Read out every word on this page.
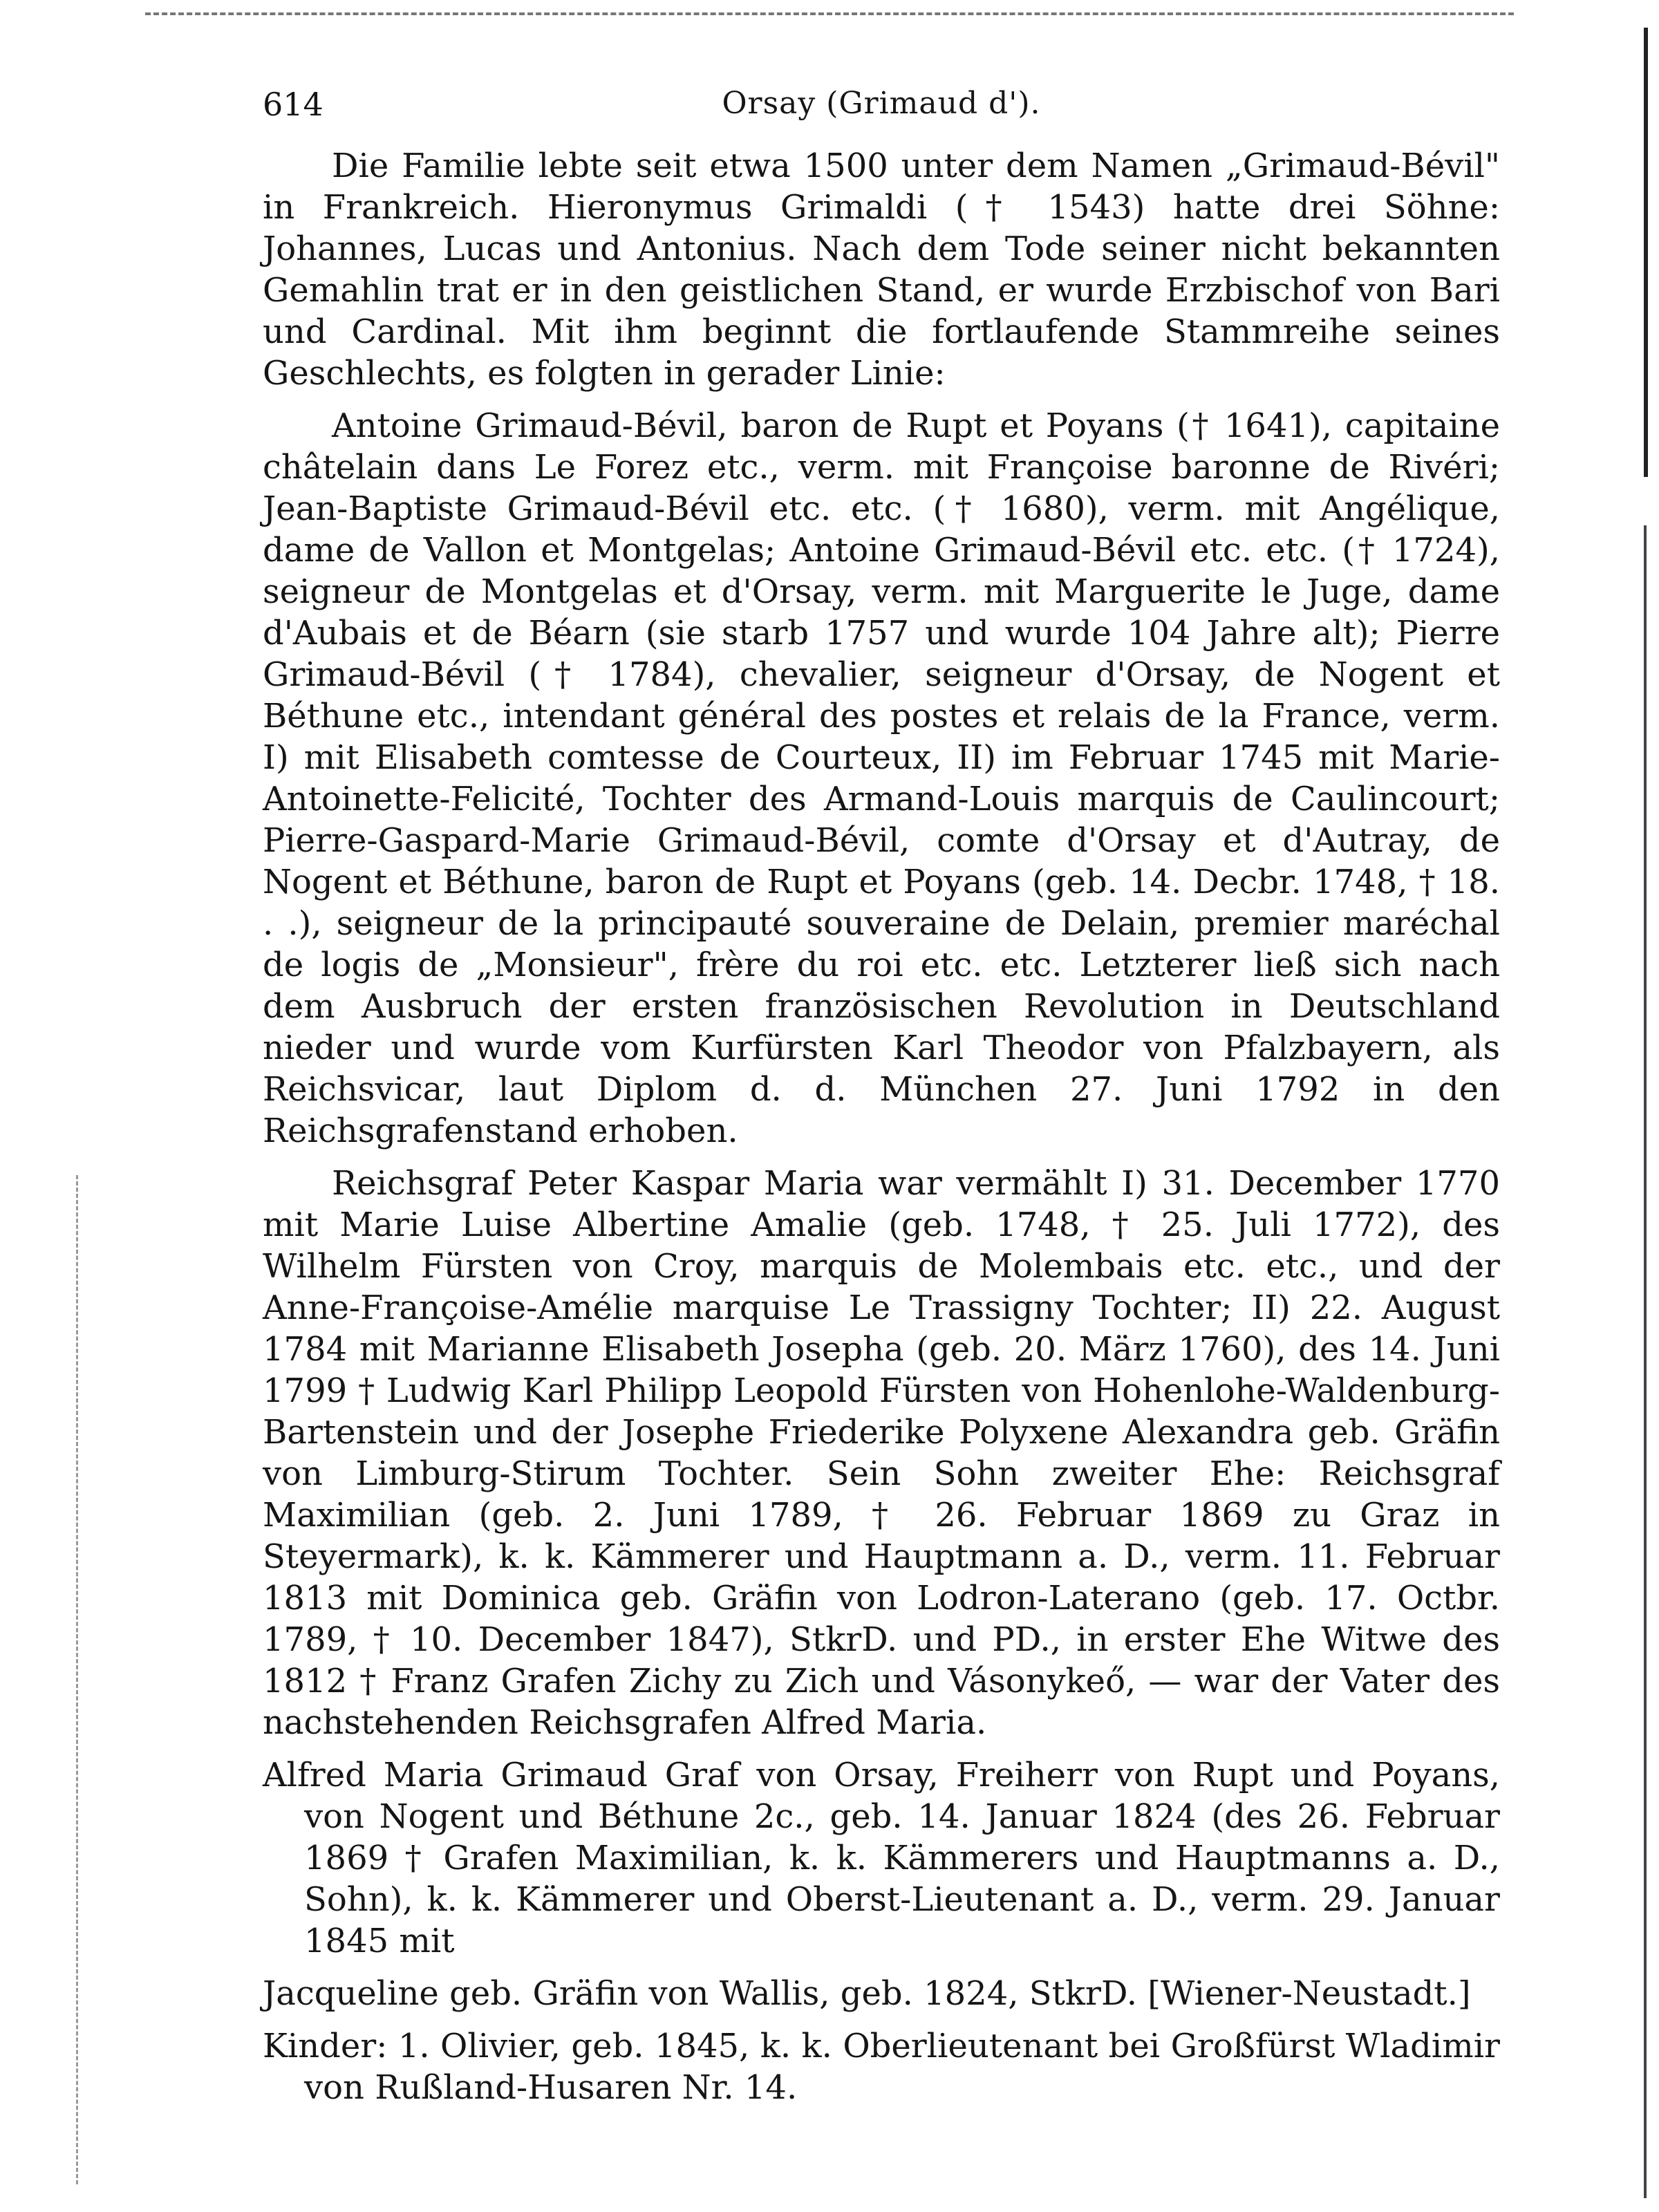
614	Orsay (Grimaud d').

Die Familie lebte seit etwa 1500 unter dem Namen „Grimaud-Bévil" in Frankreich. Hieronymus Grimaldi († 1543) hatte drei Söhne: Johannes, Lucas und Antonius. Nach dem Tode seiner nicht bekannten Gemahlin trat er in den geistlichen Stand, er wurde Erzbischof von Bari und Cardinal. Mit ihm beginnt die fortlaufende Stammreihe seines Geschlechts, es folgten in gerader Linie:

Antoine Grimaud-Bévil, baron de Rupt et Poyans († 1641), capitaine châtelain dans Le Forez etc., verm. mit Françoise baronne de Rivéri; Jean-Baptiste Grimaud-Bévil etc. etc. († 1680), verm. mit Angélique, dame de Vallon et Montgelas; Antoine Grimaud-Bévil etc. etc. († 1724), seigneur de Montgelas et d'Orsay, verm. mit Marguerite le Juge, dame d'Aubais et de Béarn (sie starb 1757 und wurde 104 Jahre alt); Pierre Grimaud-Bévil († 1784), chevalier, seigneur d'Orsay, de Nogent et Béthune etc., intendant général des postes et relais de la France, verm. I) mit Elisabeth comtesse de Courteux, II) im Februar 1745 mit Marie-Antoinette-Felicité, Tochter des Armand-Louis marquis de Caulincourt; Pierre-Gaspard-Marie Grimaud-Bévil, comte d'Orsay et d'Autray, de Nogent et Béthune, baron de Rupt et Poyans (geb. 14. Decbr. 1748, † 18. . .), seigneur de la principauté souveraine de Delain, premier maréchal de logis de „Monsieur", frère du roi etc. etc. Letzterer ließ sich nach dem Ausbruch der ersten französischen Revolution in Deutschland nieder und wurde vom Kurfürsten Karl Theodor von Pfalzbayern, als Reichsvicar, laut Diplom d. d. München 27. Juni 1792 in den Reichsgrafenstand erhoben.

Reichsgraf Peter Kaspar Maria war vermählt I) 31. December 1770 mit Marie Luise Albertine Amalie (geb. 1748, † 25. Juli 1772), des Wilhelm Fürsten von Croy, marquis de Molembais etc. etc., und der Anne-Françoise-Amélie marquise Le Trassigny Tochter; II) 22. August 1784 mit Marianne Elisabeth Josepha (geb. 20. März 1760), des 14. Juni 1799 † Ludwig Karl Philipp Leopold Fürsten von Hohenlohe-Waldenburg-Bartenstein und der Josephe Friederike Polyxene Alexandra geb. Gräfin von Limburg-Stirum Tochter. Sein Sohn zweiter Ehe: Reichsgraf Maximilian (geb. 2. Juni 1789, † 26. Februar 1869 zu Graz in Steyermark), k. k. Kämmerer und Hauptmann a. D., verm. 11. Februar 1813 mit Dominica geb. Gräfin von Lodron-Laterano (geb. 17. Octbr. 1789, † 10. December 1847), StkrD. und PD., in erster Ehe Witwe des 1812 † Franz Grafen Zichy zu Zich und Vásonykeő, — war der Vater des nachstehenden Reichsgrafen Alfred Maria.

Alfred Maria Grimaud Graf von Orsay, Freiherr von Rupt und Poyans, von Nogent und Béthune 2c., geb. 14. Januar 1824 (des 26. Februar 1869 † Grafen Maximilian, k. k. Kämmerers und Hauptmanns a. D., Sohn), k. k. Kämmerer und Oberst-Lieutenant a. D., verm. 29. Januar 1845 mit

Jacqueline geb. Gräfin von Wallis, geb. 1824, StkrD. [Wiener-Neustadt.]

Kinder: 1. Olivier, geb. 1845, k. k. Oberlieutenant bei Großfürst Wladimir von Rußland-Husaren Nr. 14.
